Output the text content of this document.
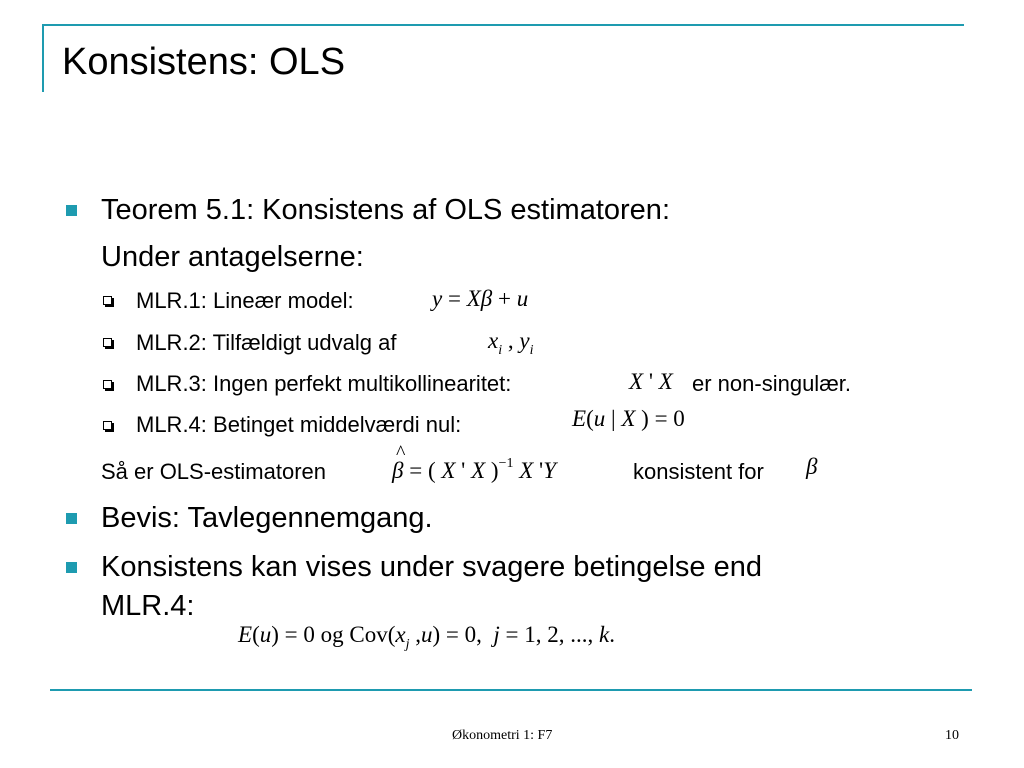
Konsistens: OLS
Teorem 5.1: Konsistens af OLS estimatoren:
Under antagelserne:
MLR.1: Lineær model:	y = Xβ + u
MLR.2: Tilfældigt udvalg af	$x_i$ , $y_i$
MLR.3: Ingen perfekt multikollinearitet:	X ' X er non-singulær.
MLR.4: Betinget middelværdi nul:	E(u | X ) = 0
Så er OLS-estimatoren	β
^
= ( X ' X )$^{-1}$ X 'Y	konsistent for β
Bevis: Tavlegennemgang.
Konsistens kan vises under svagere betingelse end
MLR.4:
E(u) = 0 og $Cov(x_j$ ,u) = 0,  j = 1, 2, ..., k.
Økonometri 1: F7	10
